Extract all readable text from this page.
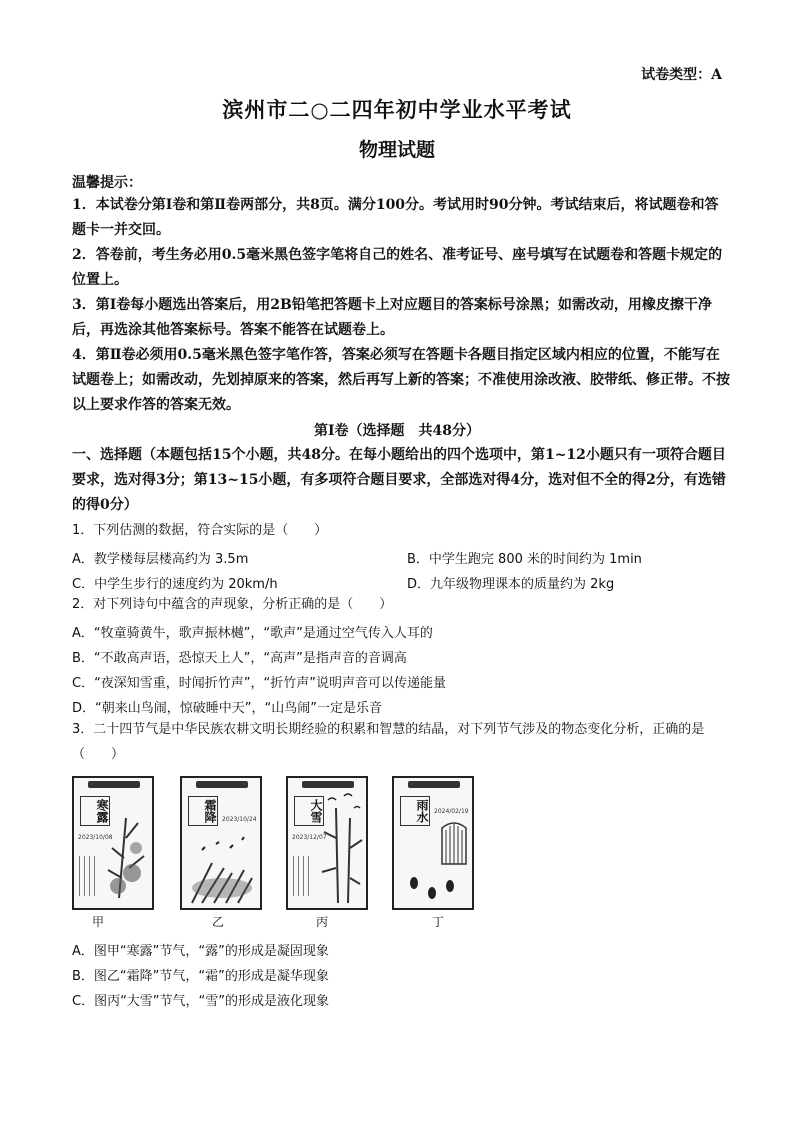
试卷类型：A
滨州市二○二四年初中学业水平考试
物理试题
温馨提示：
1．本试卷分第Ⅰ卷和第Ⅱ卷两部分，共8页。满分100分。考试用时90分钟。考试结束后，将试题卷和答题卡一并交回。
2．答卷前，考生务必用0.5毫米黑色签字笔将自己的姓名、准考证号、座号填写在试题卷和答题卡规定的位置上。
3．第Ⅰ卷每小题选出答案后，用2B铅笔把答题卡上对应题目的答案标号涂黑；如需改动，用橡皮擦干净后，再选涂其他答案标号。答案不能答在试题卷上。
4．第Ⅱ卷必须用0.5毫米黑色签字笔作答，答案必须写在答题卡各题目指定区域内相应的位置，不能写在试题卷上；如需改动，先划掉原来的答案，然后再写上新的答案；不准使用涂改液、胶带纸、修正带。不按以上要求作答的答案无效。
第Ⅰ卷（选择题　共48分）
一、选择题（本题包括15个小题，共48分。在每小题给出的四个选项中，第1~12小题只有一项符合题目要求，选对得3分；第13~15小题，有多项符合题目要求，全部选对得4分，选对但不全的得2分，有选错的得0分）
1．下列估测的数据，符合实际的是（　　）
A．教学楼每层楼高约为 3.5m	B．中学生跑完 800 米的时间约为 1min
C．中学生步行的速度约为 20km/h	D．九年级物理课本的质量约为 2kg
2．对下列诗句中蕴含的声现象，分析正确的是（　　）
A．“牧童骑黄牛，歌声振林樾”，“歌声”是通过空气传入人耳的
B．“不敢高声语，恐惊天上人”，“高声”是指声音的音调高
C．“夜深知雪重，时闻折竹声”，“折竹声”说明声音可以传递能量
D．“朝来山鸟闹，惊破睡中天”，“山鸟闹”一定是乐音
3．二十四节气是中华民族农耕文明长期经验的积累和智慧的结晶，对下列节气涉及的物态变化分析，正确的是（　　）
寒露
2023/10/08
甲
霜降 2023/10/24
乙
大雪
2023/12/07
丙
雨水 2024/02/19
丁
A．图甲“寒露”节气，“露”的形成是凝固现象
B．图乙“霜降”节气，“霜”的形成是凝华现象
C．图丙“大雪”节气，“雪”的形成是液化现象
